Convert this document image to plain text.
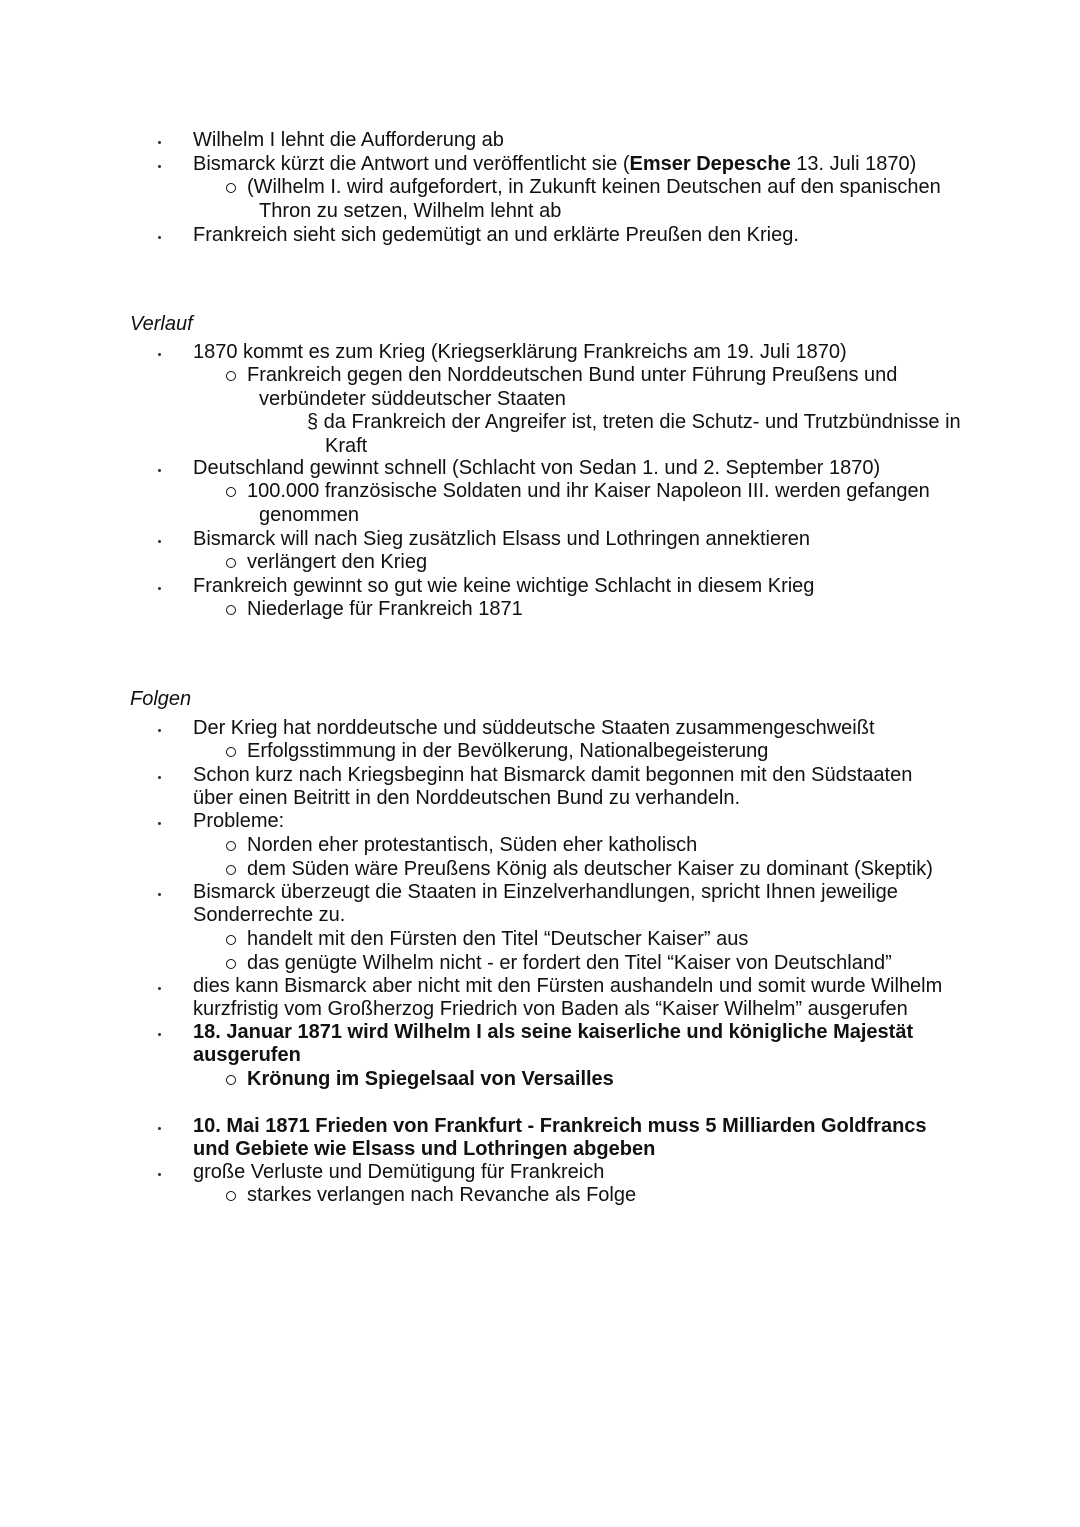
Wilhelm I lehnt die Aufforderung ab
Bismarck kürzt die Antwort und veröffentlicht sie (Emser Depesche 13. Juli 1870)
(Wilhelm I. wird aufgefordert, in Zukunft keinen Deutschen auf den spanischen
Thron zu setzen, Wilhelm lehnt ab
Frankreich sieht sich gedemütigt an und erklärte Preußen den Krieg.
Verlauf
1870 kommt es zum Krieg (Kriegserklärung Frankreichs am 19. Juli 1870)
Frankreich gegen den Norddeutschen Bund unter Führung Preußens und
verbündeter süddeutscher Staaten
§ da Frankreich der Angreifer ist, treten die Schutz- und Trutzbündnisse in
Kraft
Deutschland gewinnt schnell (Schlacht von Sedan 1. und 2. September 1870)
100.000 französische Soldaten und ihr Kaiser Napoleon III. werden gefangen
genommen
Bismarck will nach Sieg zusätzlich Elsass und Lothringen annektieren
verlängert den Krieg
Frankreich gewinnt so gut wie keine wichtige Schlacht in diesem Krieg
Niederlage für Frankreich 1871
Folgen
Der Krieg hat norddeutsche und süddeutsche Staaten zusammengeschweißt
Erfolgsstimmung in der Bevölkerung, Nationalbegeisterung
Schon kurz nach Kriegsbeginn hat Bismarck damit begonnen mit den Südstaaten
über einen Beitritt in den Norddeutschen Bund zu verhandeln.
Probleme:
Norden eher protestantisch, Süden eher katholisch
dem Süden wäre Preußens König als deutscher Kaiser zu dominant (Skeptik)
Bismarck überzeugt die Staaten in Einzelverhandlungen, spricht Ihnen jeweilige
Sonderrechte zu.
handelt mit den Fürsten den Titel “Deutscher Kaiser” aus
das genügte Wilhelm nicht - er fordert den Titel “Kaiser von Deutschland”
dies kann Bismarck aber nicht mit den Fürsten aushandeln und somit wurde Wilhelm
kurzfristig vom Großherzog Friedrich von Baden als “Kaiser Wilhelm” ausgerufen
18. Januar 1871 wird Wilhelm I als seine kaiserliche und königliche Majestät
ausgerufen
Krönung im Spiegelsaal von Versailles
10. Mai 1871 Frieden von Frankfurt - Frankreich muss 5 Milliarden Goldfrancs
und Gebiete wie Elsass und Lothringen abgeben
große Verluste und Demütigung für Frankreich
starkes verlangen nach Revanche als Folge
